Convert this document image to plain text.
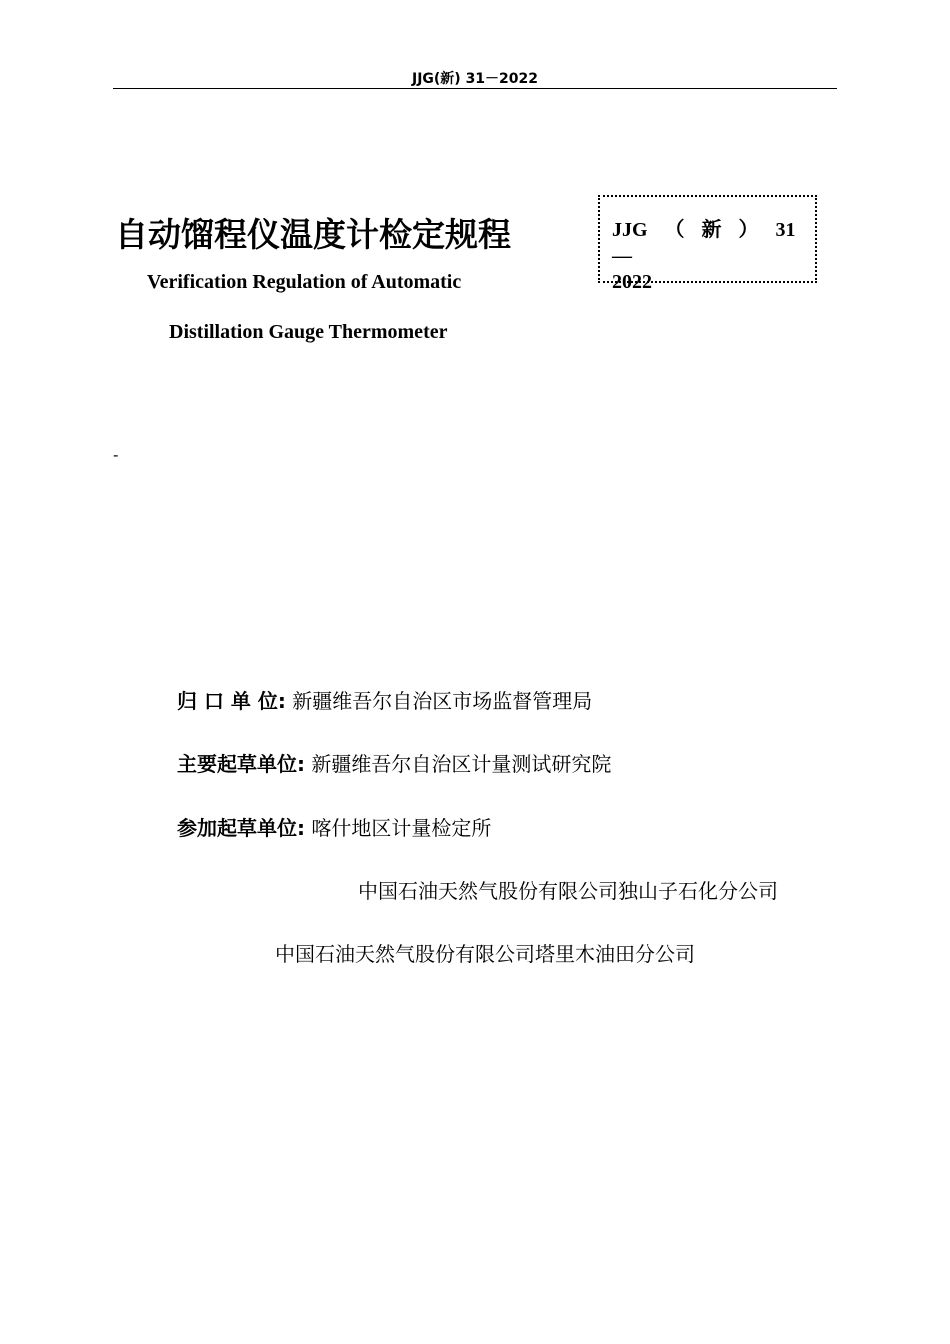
JJG(新) 31－2022
自动馏程仪温度计检定规程
Verification Regulation of Automatic
Distillation Gauge Thermometer
JJG （ 新 ） 31—
2022
-
归 口 单 位: 新疆维吾尔自治区市场监督管理局
主要起草单位: 新疆维吾尔自治区计量测试研究院
参加起草单位: 喀什地区计量检定所
中国石油天然气股份有限公司独山子石化分公司
中国石油天然气股份有限公司塔里木油田分公司
